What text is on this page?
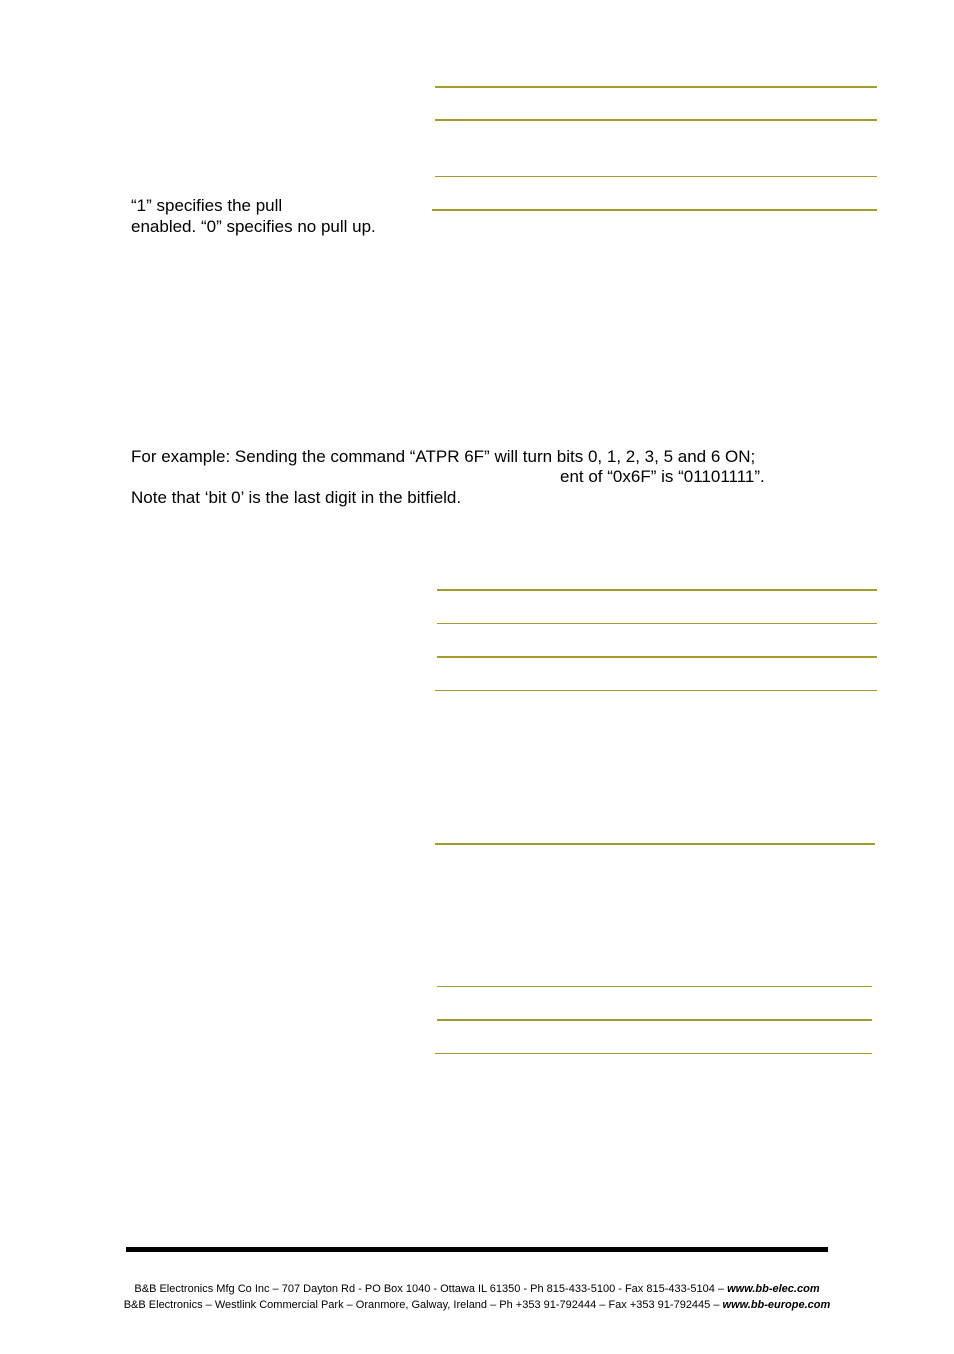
“1” specifies the pull
enabled. “0” specifies no pull up.
For example: Sending the command “ATPR 6F” will turn bits 0, 1, 2, 3, 5 and 6 ON;
ent of “0x6F” is “01101111”.
Note that ‘bit 0’ is the last digit in the bitfield.
B&B Electronics Mfg Co Inc – 707 Dayton Rd - PO Box 1040 - Ottawa IL 61350 - Ph 815-433-5100 - Fax 815-433-5104 – www.bb-elec.com
B&B Electronics – Westlink Commercial Park – Oranmore, Galway, Ireland – Ph +353 91-792444 – Fax +353 91-792445 – www.bb-europe.com
